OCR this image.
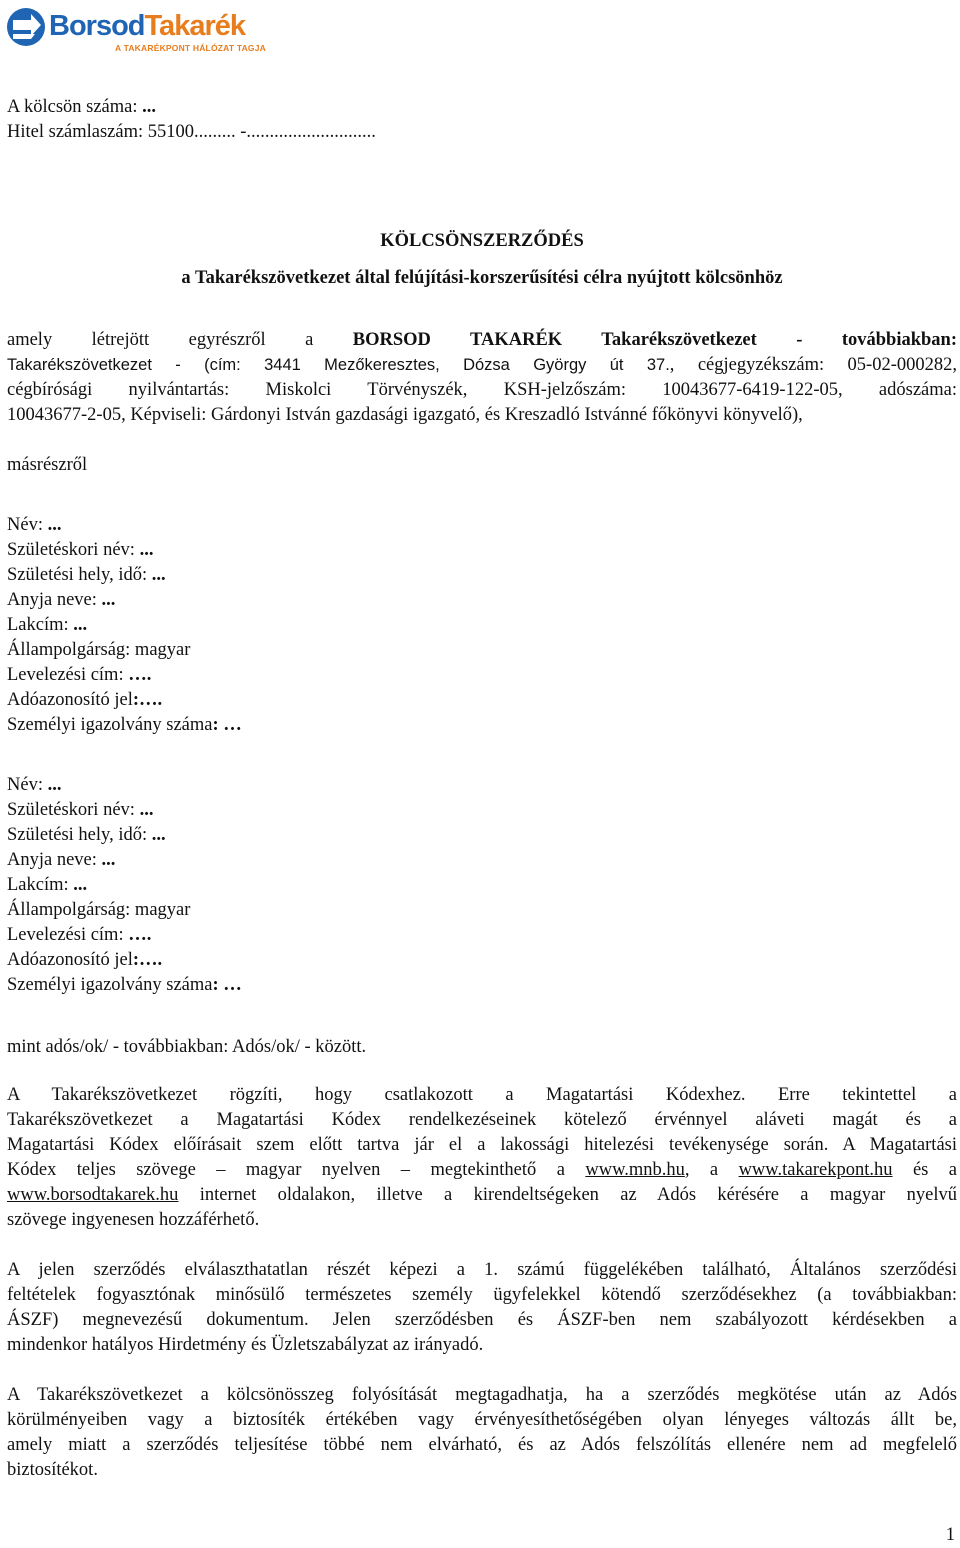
BorsodTakarék
A TAKARÉKPONT HÁLÓZAT TAGJA
A kölcsön száma: ...
Hitel számlaszám: 55100......... -............................
KÖLCSÖNSZERZŐDÉS
a Takarékszövetkezet által felújítási-korszerűsítési célra nyújtott kölcsönhöz
amely létrejött egyrészről a BORSOD TAKARÉK Takarékszövetkezet - továbbiakban:
Takarékszövetkezet - (cím: 3441 Mezőkeresztes, Dózsa György út 37., cégjegyzékszám: 05-02-000282,
cégbírósági nyilvántartás: Miskolci Törvényszék, KSH-jelzőszám: 10043677-6419-122-05, adószáma:
10043677-2-05, Képviseli: Gárdonyi István gazdasági igazgató, és Kreszadló Istvánné főkönyvi könyvelő),
másrészről
Név: ...
Születéskori név: ...
Születési hely, idő: ...
Anyja neve: ...
Lakcím: ...
Állampolgárság: magyar
Levelezési cím: ….
Adóazonosító jel:….
Személyi igazolvány száma: …
Név: ...
Születéskori név: ...
Születési hely, idő: ...
Anyja neve: ...
Lakcím: ...
Állampolgárság: magyar
Levelezési cím: ….
Adóazonosító jel:….
Személyi igazolvány száma: …
mint adós/ok/ - továbbiakban: Adós/ok/ - között.
A Takarékszövetkezet rögzíti, hogy csatlakozott a Magatartási Kódexhez. Erre tekintettel a
Takarékszövetkezet a Magatartási Kódex rendelkezéseinek kötelező érvénnyel aláveti magát és a
Magatartási Kódex előírásait szem előtt tartva jár el a lakossági hitelezési tevékenysége során. A Magatartási
Kódex teljes szövege – magyar nyelven – megtekinthető a www.mnb.hu, a www.takarekpont.hu és a
www.borsodtakarek.hu internet oldalakon, illetve a kirendeltségeken az Adós kérésére a magyar nyelvű
szövege ingyenesen hozzáférhető.
A jelen szerződés elválaszthatatlan részét képezi a 1. számú függelékében található, Általános szerződési
feltételek fogyasztónak minősülő természetes személy ügyfelekkel kötendő szerződésekhez (a továbbiakban:
ÁSZF) megnevezésű dokumentum. Jelen szerződésben és ÁSZF-ben nem szabályozott kérdésekben a
mindenkor hatályos Hirdetmény és Üzletszabályzat az irányadó.
A Takarékszövetkezet a kölcsönösszeg folyósítását megtagadhatja, ha a szerződés megkötése után az Adós
körülményeiben vagy a biztosíték értékében vagy érvényesíthetőségében olyan lényeges változás állt be,
amely miatt a szerződés teljesítése többé nem elvárható, és az Adós felszólítás ellenére nem ad megfelelő
biztosítékot.
1
